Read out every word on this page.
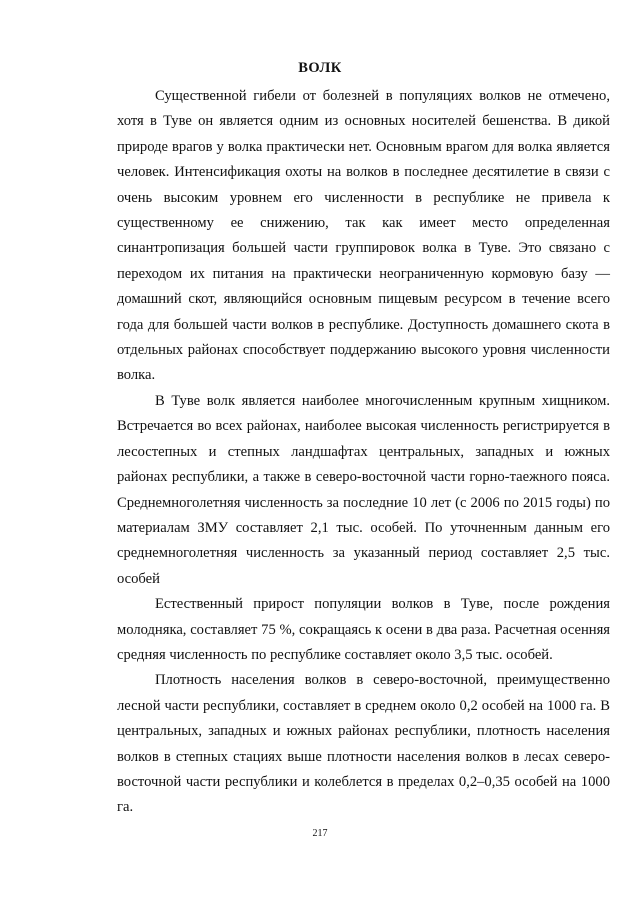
ВОЛК

Существенной гибели от болезней в популяциях волков не отмечено, хотя в Туве он является одним из основных носителей бешенства. В дикой природе врагов у волка практически нет. Основным врагом для волка является человек. Интенсификация охоты на волков в последнее десятилетие в связи с очень высоким уровнем его численности в республике не привела к существенному ее снижению, так как имеет место определенная синантропизация большей части группировок волка в Туве. Это связано с переходом их питания на практически неограниченную кормовую базу — домашний скот, являющийся основным пищевым ресурсом в течение всего года для большей части волков в республике. Доступность домашнего скота в отдельных районах способствует поддержанию высокого уровня численности волка.

В Туве волк является наиболее многочисленным крупным хищником. Встречается во всех районах, наиболее высокая численность регистрируется в лесостепных и степных ландшафтах центральных, западных и южных районах республики, а также в северо-восточной части горно-таежного пояса. Среднемноголетняя численность за последние 10 лет (с 2006 по 2015 годы) по материалам ЗМУ составляет 2,1 тыс. особей. По уточненным данным его среднемноголетняя численность за указанный период составляет 2,5 тыс. особей

Естественный прирост популяции волков в Туве, после рождения молодняка, составляет 75 %, сокращаясь к осени в два раза. Расчетная осенняя средняя численность по республике составляет около 3,5 тыс. особей.

Плотность населения волков в северо-восточной, преимущественно лесной части республики, составляет в среднем около 0,2 особей на 1000 га. В центральных, западных и южных районах республики, плотность населения волков в степных стациях выше плотности населения волков в лесах северо-восточной части республики и колеблется в пределах 0,2–0,35 особей на 1000 га.

217
